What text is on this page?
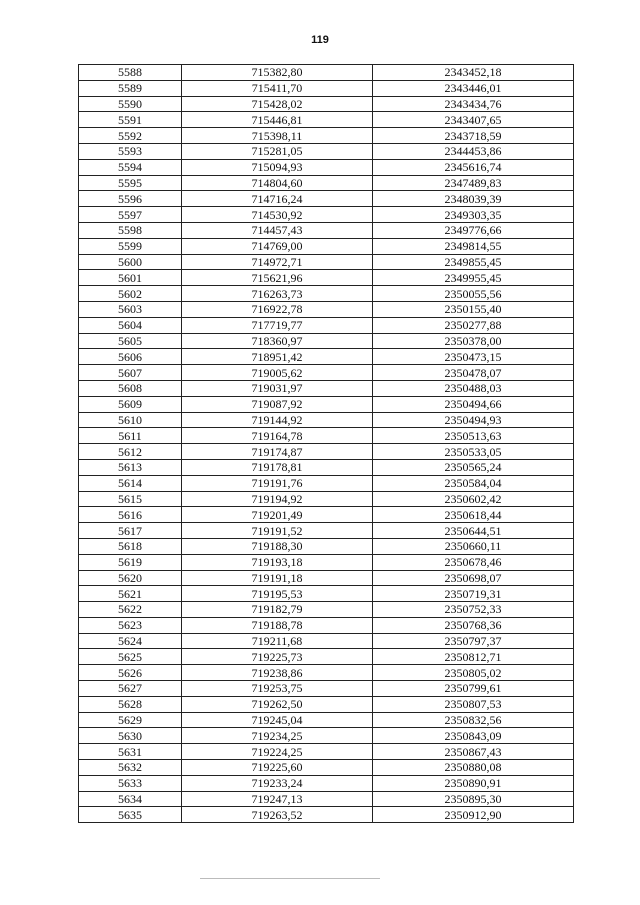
119
5588	715382,80	2343452,18
5589	715411,70	2343446,01
5590	715428,02	2343434,76
5591	715446,81	2343407,65
5592	715398,11	2343718,59
5593	715281,05	2344453,86
5594	715094,93	2345616,74
5595	714804,60	2347489,83
5596	714716,24	2348039,39
5597	714530,92	2349303,35
5598	714457,43	2349776,66
5599	714769,00	2349814,55
5600	714972,71	2349855,45
5601	715621,96	2349955,45
5602	716263,73	2350055,56
5603	716922,78	2350155,40
5604	717719,77	2350277,88
5605	718360,97	2350378,00
5606	718951,42	2350473,15
5607	719005,62	2350478,07
5608	719031,97	2350488,03
5609	719087,92	2350494,66
5610	719144,92	2350494,93
5611	719164,78	2350513,63
5612	719174,87	2350533,05
5613	719178,81	2350565,24
5614	719191,76	2350584,04
5615	719194,92	2350602,42
5616	719201,49	2350618,44
5617	719191,52	2350644,51
5618	719188,30	2350660,11
5619	719193,18	2350678,46
5620	719191,18	2350698,07
5621	719195,53	2350719,31
5622	719182,79	2350752,33
5623	719188,78	2350768,36
5624	719211,68	2350797,37
5625	719225,73	2350812,71
5626	719238,86	2350805,02
5627	719253,75	2350799,61
5628	719262,50	2350807,53
5629	719245,04	2350832,56
5630	719234,25	2350843,09
5631	719224,25	2350867,43
5632	719225,60	2350880,08
5633	719233,24	2350890,91
5634	719247,13	2350895,30
5635	719263,52	2350912,90
